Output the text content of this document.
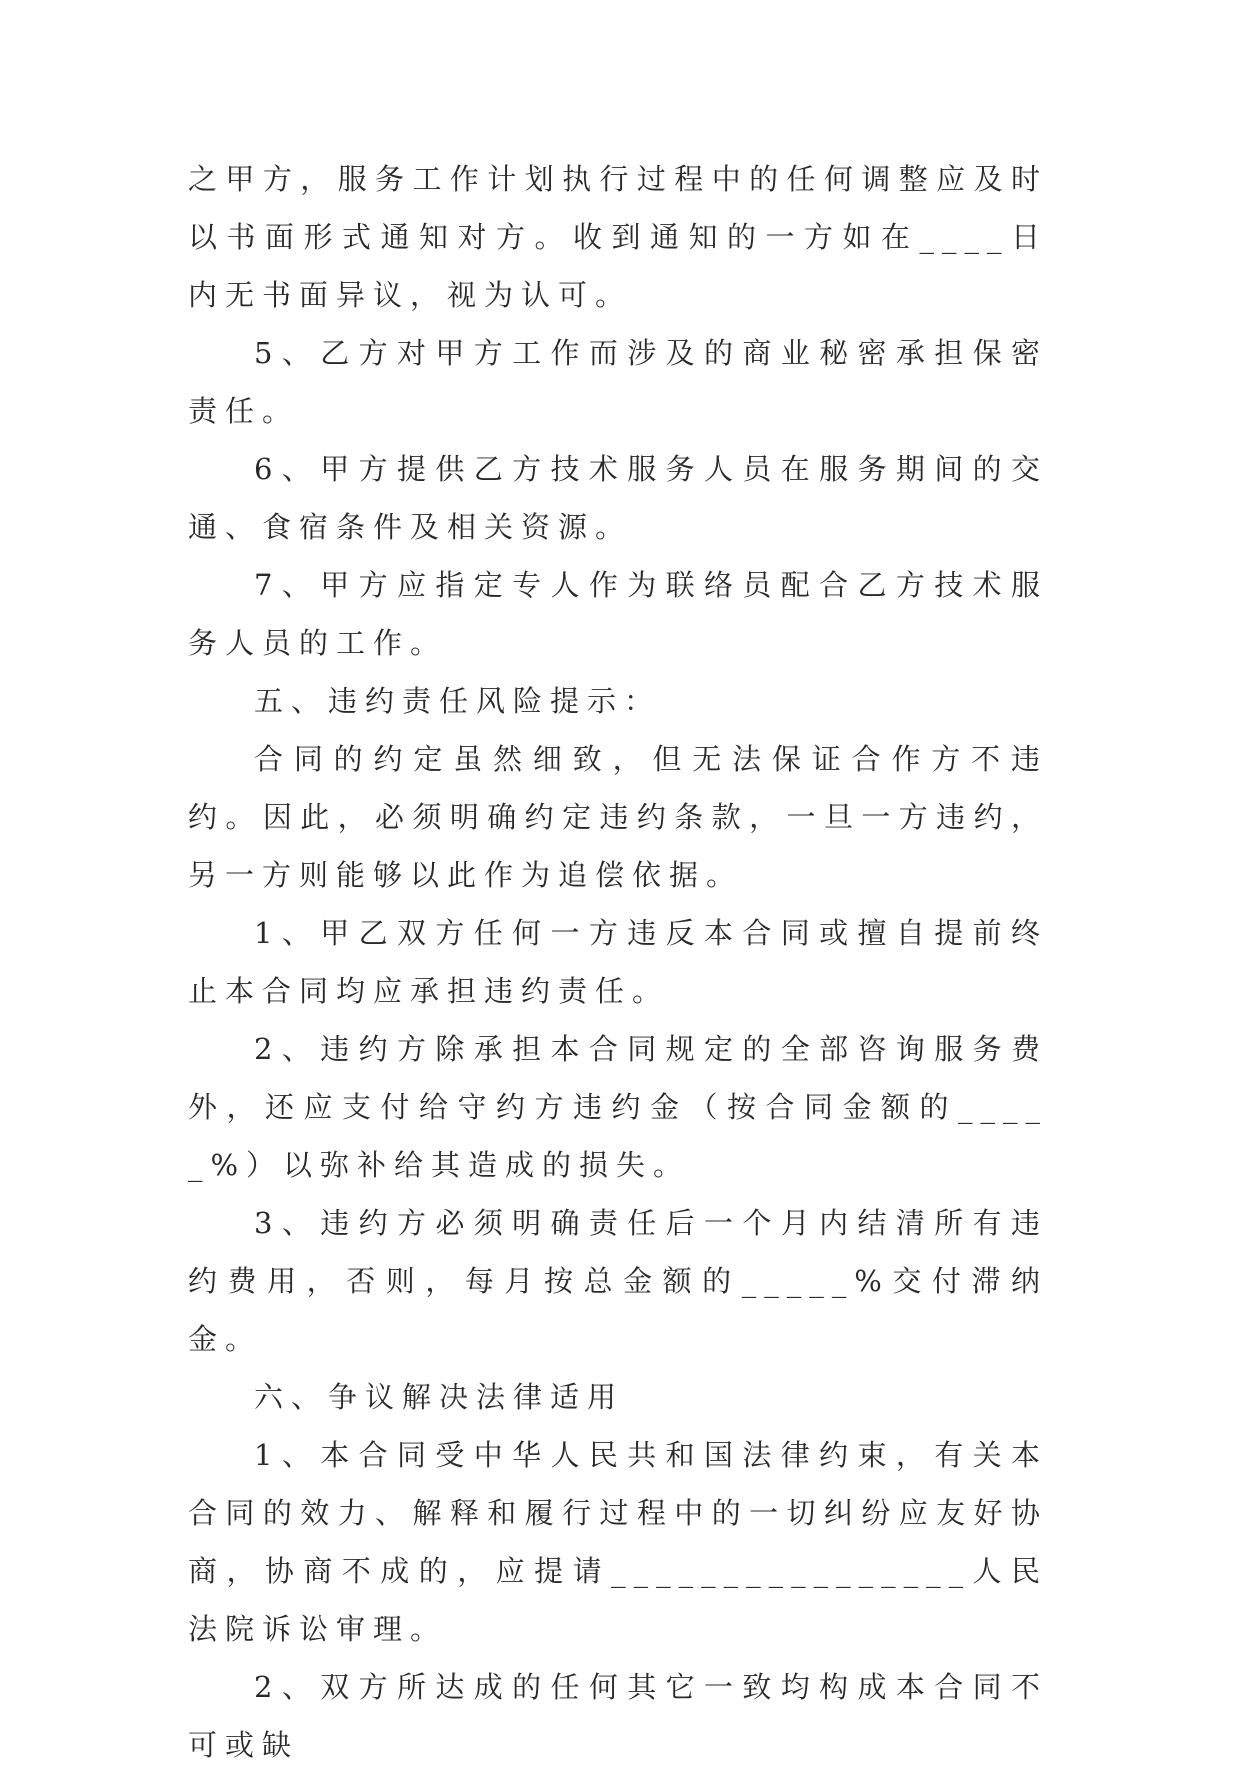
之甲方，服务工作计划执行过程中的任何调整应及时以书面形式通知对方。收到通知的一方如在____日内无书面异议，视为认可。

5、乙方对甲方工作而涉及的商业秘密承担保密责任。

6、甲方提供乙方技术服务人员在服务期间的交通、食宿条件及相关资源。

7、甲方应指定专人作为联络员配合乙方技术服务人员的工作。

五、违约责任风险提示：

合同的约定虽然细致，但无法保证合作方不违约。因此，必须明确约定违约条款，一旦一方违约，另一方则能够以此作为追偿依据。

1、甲乙双方任何一方违反本合同或擅自提前终止本合同均应承担违约责任。

2、违约方除承担本合同规定的全部咨询服务费外，还应支付给守约方违约金（按合同金额的_____%）以弥补给其造成的损失。

3、违约方必须明确责任后一个月内结清所有违约费用，否则，每月按总金额的_____%交付滞纳金。

六、争议解决法律适用

1、本合同受中华人民共和国法律约束，有关本合同的效力、解释和履行过程中的一切纠纷应友好协商，协商不成的，应提请________________人民法院诉讼审理。

2、双方所达成的任何其它一致均构成本合同不可或缺
